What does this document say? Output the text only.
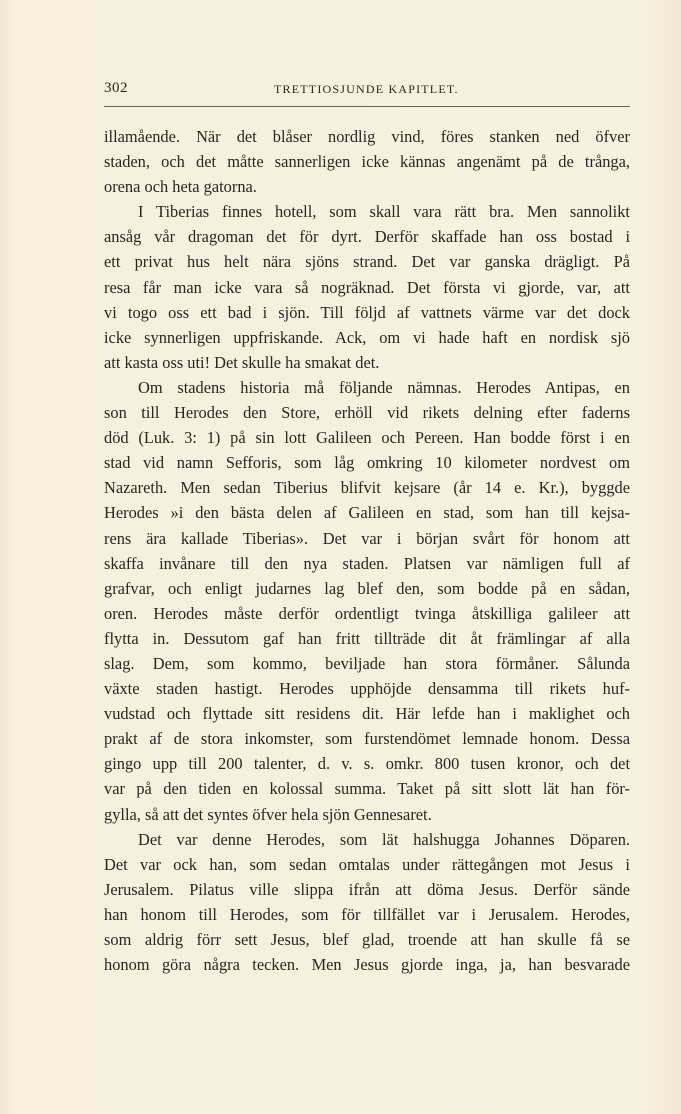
302	TRETTIOSJUNDE KAPITLET.
illamående. När det blåser nordlig vind, föres stanken ned öfver
staden, och det måtte sannerligen icke kännas angenämt på de trånga,
orena och heta gatorna.
I Tiberias finnes hotell, som skall vara rätt bra. Men sannolikt
ansåg vår dragoman det för dyrt. Derför skaffade han oss bostad i
ett privat hus helt nära sjöns strand. Det var ganska drägligt. På
resa får man icke vara så nogräknad. Det första vi gjorde, var, att
vi togo oss ett bad i sjön. Till följd af vattnets värme var det dock
icke synnerligen uppfriskande. Ack, om vi hade haft en nordisk sjö
att kasta oss uti! Det skulle ha smakat det.
Om stadens historia må följande nämnas. Herodes Antipas, en
son till Herodes den Store, erhöll vid rikets delning efter faderns
död (Luk. 3: 1) på sin lott Galileen och Pereen. Han bodde först i en
stad vid namn Sefforis, som låg omkring 10 kilometer nordvest om
Nazareth. Men sedan Tiberius blifvit kejsare (år 14 e. Kr.), byggde
Herodes »i den bästa delen af Galileen en stad, som han till kejsa-
rens ära kallade Tiberias». Det var i början svårt för honom att
skaffa invånare till den nya staden. Platsen var nämligen full af
grafvar, och enligt judarnes lag blef den, som bodde på en sådan,
oren. Herodes måste derför ordentligt tvinga åtskilliga galileer att
flytta in. Dessutom gaf han fritt tillträde dit åt främlingar af alla
slag. Dem, som kommo, beviljade han stora förmåner. Sålunda
växte staden hastigt. Herodes upphöjde densamma till rikets huf-
vudstad och flyttade sitt residens dit. Här lefde han i maklighet och
prakt af de stora inkomster, som furstendömet lemnade honom. Dessa
gingo upp till 200 talenter, d. v. s. omkr. 800 tusen kronor, och det
var på den tiden en kolossal summa. Taket på sitt slott lät han för-
gylla, så att det syntes öfver hela sjön Gennesaret.
Det var denne Herodes, som lät halshugga Johannes Döparen.
Det var ock han, som sedan omtalas under rättegången mot Jesus i
Jerusalem. Pilatus ville slippa ifrån att döma Jesus. Derför sände
han honom till Herodes, som för tillfället var i Jerusalem. Herodes,
som aldrig förr sett Jesus, blef glad, troende att han skulle få se
honom göra några tecken. Men Jesus gjorde inga, ja, han besvarade
